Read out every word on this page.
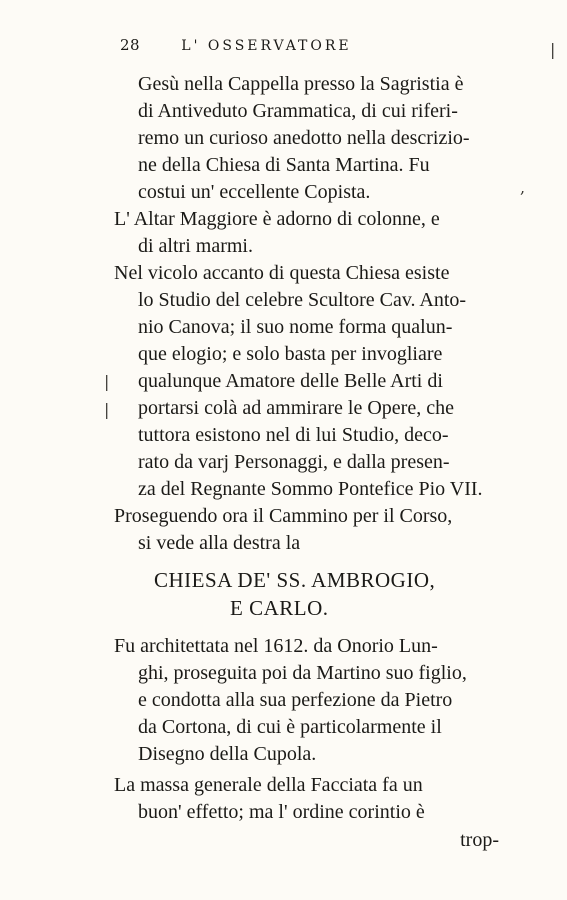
28	L' OSSERVATORE
Gesù nella Cappella presso la Sagristia è
di Antiveduto Grammatica, di cui riferi-
remo un curioso anedotto nella descrizio-
ne della Chiesa di Santa Martina. Fu
costui un' eccellente Copista.
L' Altar Maggiore è adorno di colonne, e
di altri marmi.
Nel vicolo accanto di questa Chiesa esiste
lo Studio del celebre Scultore Cav. Anto-
nio Canova; il suo nome forma qualun-
que elogio; e solo basta per invogliare
qualunque Amatore delle Belle Arti di
portarsi colà ad ammirare le Opere, che
tuttora esistono nel di lui Studio, deco-
rato da varj Personaggi, e dalla presen-
za del Regnante Sommo Pontefice Pio VII.
Proseguendo ora il Cammino per il Corso,
si vede alla destra la
CHIESA DE' SS. AMBROGIO,
E CARLO.
Fu architettata nel 1612. da Onorio Lun-
ghi, proseguita poi da Martino suo figlio,
e condotta alla sua perfezione da Pietro
da Cortona, di cui è particolarmente il
Disegno della Cupola.
La massa generale della Facciata fa un
buon' effetto; ma l' ordine corintio è
trop-
|
,
|
|
